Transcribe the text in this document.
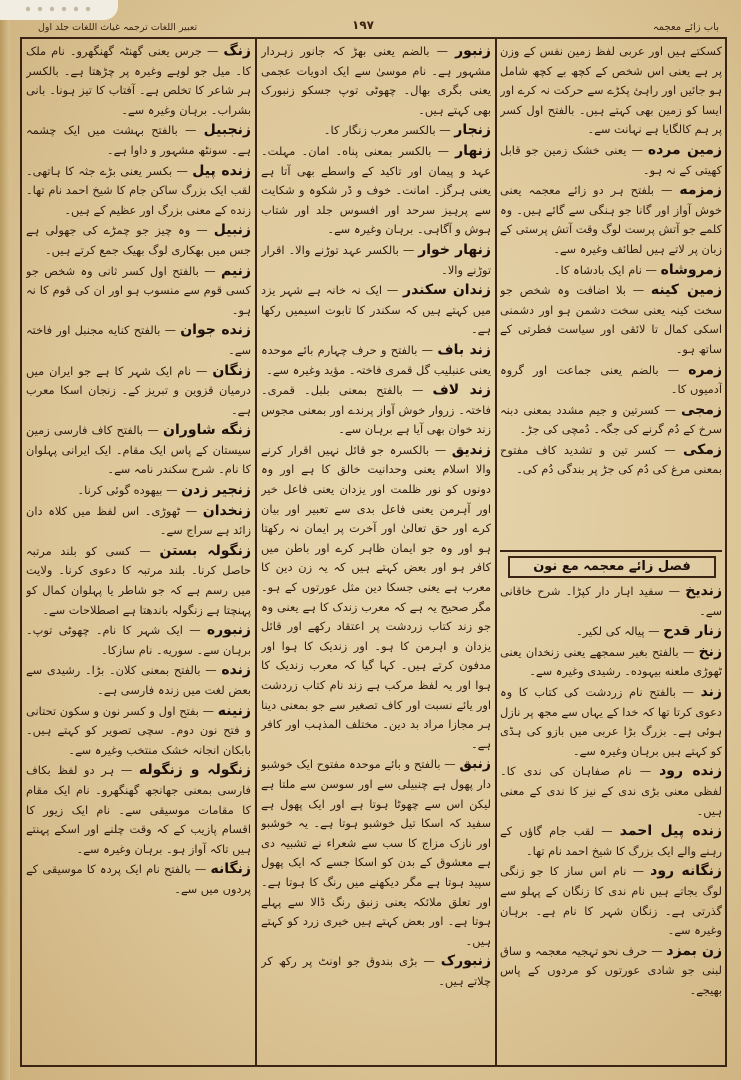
باب زائے معجمہ
۱۹۷
تعبیر اللغات ترجمہ غیاث اللغات جلد اول

کسکتے ہیں اور عربی لفظ زمین نفس کے وزن پر ہے یعنی اس شخص کے کچھ بے کچھ شامل ہو جائیں اور راہیٔ پکڑے سے حرکت نہ کرے اور ایسا کو زمین بھی کہتے ہیں۔ بالفتح اول کسر پر ہم کالگایا ہے نہانت سے۔

زمین مرده — یعنی خشک زمین جو قابل کھیتی کے نہ ہو۔

زمزمه — بلفتح ہر دو زائے معجمہ یعنی خوش آواز اور گانا جو ہنگی سے گائے ہیں۔ وہ کلمے جو آتش پرست لوگ وقت آتش پرستی کے زبان پر لاتے ہیں لطائف وغیرہ سے۔

زمروشاه — نام ایک بادشاہ کا۔

زمین کینه — بلا اضافت وہ شخص جو سخت کینہ یعنی سخت دشمن ہو اور دشمنی اسکی کمال تا لائقی اور سیاست فطرتی کے ساتھ ہو۔

زمره — بالضم یعنی جماعت اور گروہ آدمیوں کا۔

زمجی — کسرتین و جیم مشدد بمعنی دبنہ سرخ کے دُم گرنے کی جگہ۔ دُمچی کی جڑ۔

زمکی — کسر تین و تشدید کاف مفتوح بمعنی مرغ کی دُم کی جڑ پر بندگی دُم کی۔

فصل زائے معجمہ مع نون

زندیخ — سفید اہار دار کپڑا۔ شرح خاقانی سے۔

زنار قدح — پیالہ کی لکیر۔

زنخ — بالفتح بغیر سمجھے یعنی زنخدان یعنی ٹھوڑی ملعنه بیہوده۔ رشیدی وغیرہ سے۔

زند — بالفتح نام زردشت کی کتاب کا وہ دعوی کرتا تھا کہ خدا کے یہاں سے مجھ پر نازل ہوئی ہے۔ بزرگ بڑا عربی میں بازو کی ہڈی کو کہتے ہیں برہان وغیرہ سے۔

زنده رود — نام صفاہان کی ندی کا۔ لفظی معنی بڑی ندی کے نیز کا ندی کے معنی ہیں۔

زنده پیل احمد — لقب جام گاؤں کے رہنے والے ایک بزرگ کا شیخ احمد نام تھا۔

زنگانه رود — نام اس ساز کا جو زنگی لوگ بجاتے ہیں نام ندی کا زنگان کے پہلو سے گذرتی ہے۔ زنگان شہر کا نام ہے۔ برہان وغیرہ سے۔

زن بمزد — حرف نحو تہجیہ معجمہ و ساق لبنی جو شادی عورتوں کو مردوں کے پاس بھیجے۔

زنبور — بالضم یعنی بھڑ کہ جانور زہردار مشہور ہے۔ نام موسیٰ سے ایک ادویات عجمی یعنی بگری بھال۔ چھوٹی توپ جسکو زنبورک بھی کہتے ہیں۔

زنجار — بالکسر معرب زنگار کا۔

زنهار — بالکسر بمعنی پناه۔ امان۔ مہلت۔ عہد و پیمان اور تاکید کے واسطے بھی آتا ہے یعنی ہرگز۔ امانت۔ خوف و ڈر شکوہ و شکایت سے پرہیز سرحد اور افسوس جلد اور شتاب ہوش و آگاہی۔ برہان وغیرہ سے۔

زنهار خوار — بالکسر عہد توڑنے والا۔ اقرار توڑنے والا۔

زندان سکندر — ایک نہ خانہ ہے شہر یزد میں کہتے ہیں کہ سکندر کا تابوت اسیمیں رکھا ہے۔

زند باف — بالفتح و حرف چہارم بائے موحدہ یعنی عنبلیب گل قمری فاختہ۔ مؤید وغیرہ سے۔

زند لاف — بالفتح بمعنی بلبل۔ قمری۔ فاختہ۔ زروار خوش آواز پرندے اور بمعنی مجوس زند خوان بھی آیا ہے برہان سے۔

زندیق — بالکسرہ جو قائل نہیں اقرار کرنے والا اسلام یعنی وحدانیت خالق کا ہے اور وہ دونوں کو نور ظلمت اور یزدان یعنی فاعل خیر اور آہرمن یعنی فاعل بدی سے تعبیر اور بیان کرے اور حق تعالیٰ اور آخرت پر ایمان نہ رکھتا ہو اور وہ جو ایمان ظاہر کرے اور باطن میں کافر ہو اور بعض کہتے ہیں کہ یہ زن دین کا معرب ہے یعنی جسکا دین مثل عورتوں کے ہو۔ مگر صحیح یہ ہے کہ معرب زندک کا ہے یعنی وہ جو زند کتاب زردشت پر اعتقاد رکھے اور قائل یزدان و اہرمن کا ہو۔ اور زندیک کا ہوا اور مدفون کرتے ہیں۔ کہا گیا کہ معرب زندیک کا ہوا اور یہ لفظ مرکب ہے زند نام کتاب زردشت اور یائے نسبت اور کاف تصغیر سے جو بمعنی دینا ہر مجازا مراد بد دین۔ مختلف المذہب اور کافر ہے۔

زنبق — بالفتح و بائے موحدہ مفتوح ایک خوشبو دار پھول ہے چنبیلی سے اور سوسن سے ملتا ہے لیکن اس سے چھوٹا ہوتا ہے اور ایک پھول ہے سفید کہ اسکا تیل خوشبو ہوتا ہے۔ یہ خوشبو اور نازک مزاج کا سب سے شعراء نے تشبیہ دی ہے معشوق کے بدن کو اسکا جسے کہ ایک پھول سپید ہوتا ہے مگر دیکھنے میں رنگ کا ہوتا ہے۔ اور تعلق ملائکہ یعنی زنبق رنگ ڈالا سے پہلے ہوتا ہے۔ اور بعض کہتے ہیں خیری زرد کو کہتے ہیں۔

زنبورک — بڑی بندوق جو اونٹ پر رکھ کر چلاتے ہیں۔

زنگ — جرس یعنی گھنٹہ گھنگھرو۔ نام ملک کا۔ میل جو لوہے وغیرہ پر چڑھتا ہے۔ بالکسر ہر شاعر کا تخلص ہے۔ آفتاب کا تیز ہونا۔ بانی بشراب۔ برہان وغیرہ سے۔

زنجبیل — بالفتح بہشت میں ایک چشمہ ہے۔ سونٹھ مشہور و داوا ہے۔

زنده پیل — بکسر یعنی بڑے جثہ کا ہاتھی۔ لقب ایک بزرگ ساکن جام کا شیخ احمد نام تھا۔ زنده کے معنی بزرگ اور عظیم کے ہیں۔

زنبیل — وہ چیز جو چمڑے کی جھولی ہے جس میں بھکاری لوگ بھیک جمع کرتے ہیں۔

زنیم — بالفتح اول کسر ثانی وہ شخص جو کسی قوم سے منسوب ہو اور ان کی قوم کا نہ ہو۔

زنده جوان — بالفتح کنایه مجنبل اور فاختہ سے۔

زنگان — نام ایک شہر کا ہے جو ایران میں درمیان قزوین و تبریز کے۔ زنجان اسکا معرب ہے۔

زنگه شاوران — بالفتح کاف فارسی زمین سیستان کے پاس ایک مقام۔ ایک ایرانی پہلوان کا نام۔ شرح سکندر نامہ سے۔

زنجیر زدن — بیهوده گوئی کرنا۔

زنخدان — ٹھوڑی۔ اس لفظ میں کلاہ دان زائد ہے سراج سے۔

زنگولہ بستن — کسی کو بلند مرتبہ حاصل کرنا۔ بلند مرتبہ کا دعوی کرنا۔ ولایت میں رسم ہے کہ جو شاطر یا پہلوان کمال کو پہنچتا ہے زنگولہ باندھتا ہے اصطلاحات سے۔

زنبوره — ایک شہر کا نام۔ چھوٹی توپ۔ برہان سے۔ سوریه۔ نام سازکا۔

زنده — بالفتح بمعنی کلان۔ بڑا۔ رشیدی سے بعض لغت میں زندہ فارسی ہے۔

زنینه — بفتح اول و کسر نون و سکون تحتانی و فتح نون دوم۔ سچی تصویر کو کہتے ہیں۔ بابکان انجانہ خشک منتخب وغیرہ سے۔

زنگولہ و زنگوله — ہر دو لفظ بکاف فارسی بمعنی جھانجھ گھنگھرو۔ نام ایک مقام کا مقامات موسیقی سے۔ نام ایک زیور کا اقسام پازیب کے کہ وقت چلنے اور اسکے پہنتے ہیں تاکہ آواز ہو۔ برہان وغیرہ سے۔

زنگانه — بالفتح نام ایک پردہ کا موسیقی کے پردوں میں سے۔
